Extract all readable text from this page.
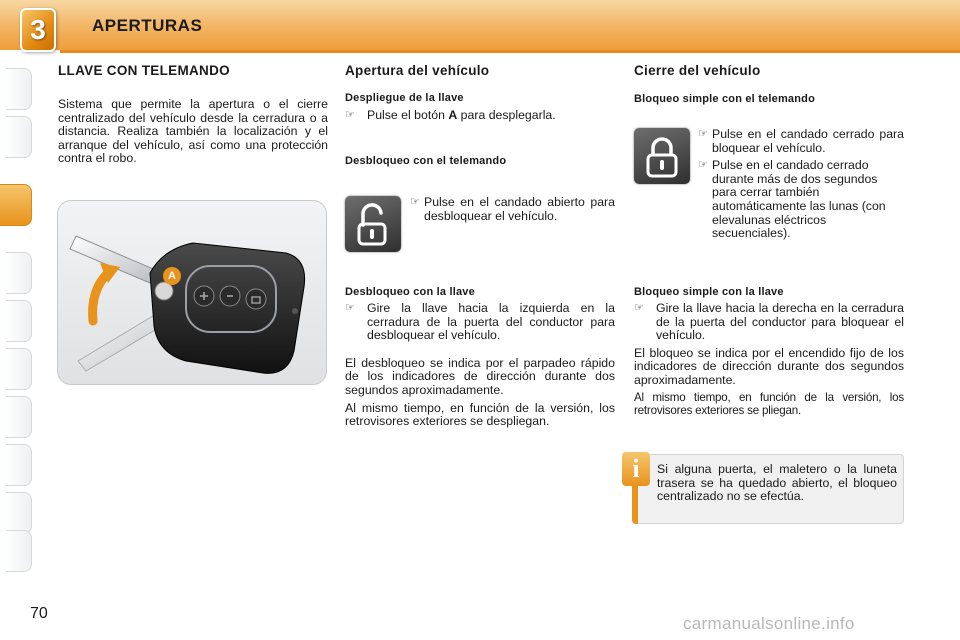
3	APERTURAS
LLAVE CON TELEMANDO

Sistema que permite la apertura o el cierre centralizado del vehículo desde la cerradura o a distancia. Realiza también la localización y el arranque del vehículo, así como una protección contra el robo.

A
Apertura del vehículo
Despliegue de la llave
☞ Pulse el botón A para desplegarla.
Desbloqueo con el telemando
☞ Pulse en el candado abierto para desbloquear el vehículo.
Desbloqueo con la llave
☞ Gire la llave hacia la izquierda en la cerradura de la puerta del conductor para desbloquear el vehículo.

El desbloqueo se indica por el parpadeo rápido de los indicadores de dirección durante dos segundos aproximadamente.

Al mismo tiempo, en función de la versión, los retrovisores exteriores se despliegan.

Cierre del vehículo
Bloqueo simple con el telemando
☞ Pulse en el candado cerrado para bloquear el vehículo.
☞ Pulse en el candado cerrado durante más de dos segundos para cerrar también automáticamente las lunas (con elevalunas eléctricos secuenciales).
Bloqueo simple con la llave
☞ Gire la llave hacia la derecha en la cerradura de la puerta del conductor para bloquear el vehículo.

El bloqueo se indica por el encendido fijo de los indicadores de dirección durante dos segundos aproximadamente.

Al mismo tiempo, en función de la versión, los retrovisores exteriores se pliegan.

Si alguna puerta, el maletero o la luneta trasera se ha quedado abierto, el bloqueo centralizado no se efectúa.

i
70
carmanualsonline.info
